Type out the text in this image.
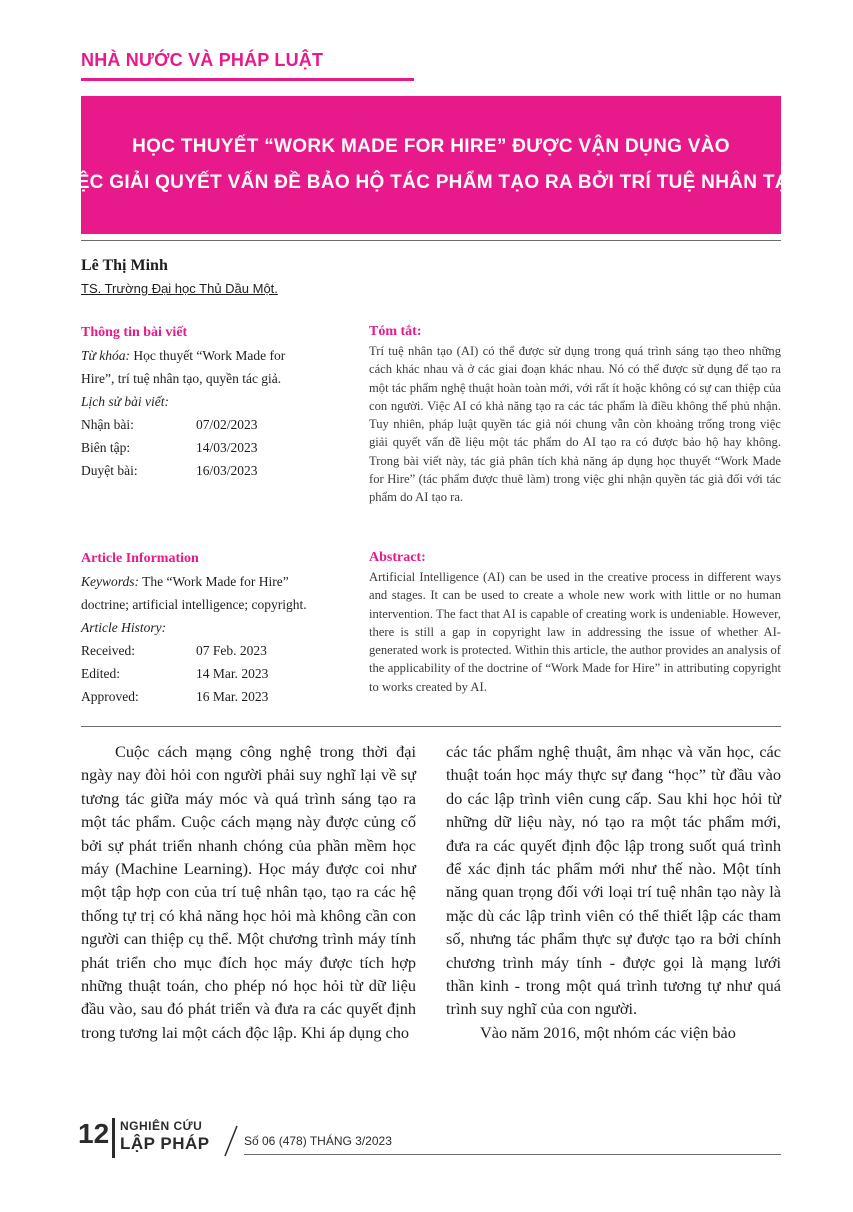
NHÀ NƯỚC VÀ PHÁP LUẬT
HỌC THUYẾT “WORK MADE FOR HIRE” ĐƯỢC VẬN DỤNG VÀO
VIỆC GIẢI QUYẾT VẤN ĐỀ BẢO HỘ TÁC PHẨM TẠO RA BỞI TRÍ TUỆ NHÂN TẠO
Lê Thị Minh
TS. Trường Đại học Thủ Dầu Một.
Thông tin bài viết
Từ khóa: Học thuyết “Work Made for
Hire”, trí tuệ nhân tạo, quyền tác giả.
Lịch sử bài viết:
Nhận bài:	07/02/2023
Biên tập:	14/03/2023
Duyệt bài:	16/03/2023
Tóm tắt:
Trí tuệ nhân tạo (AI) có thể được sử dụng trong quá trình sáng tạo theo những cách khác nhau và ở các giai đoạn khác nhau. Nó có thể được sử dụng để tạo ra một tác phẩm nghệ thuật hoàn toàn mới, với rất ít hoặc không có sự can thiệp của con người. Việc AI có khả năng tạo ra các tác phẩm là điều không thể phủ nhận. Tuy nhiên, pháp luật quyền tác giả nói chung vẫn còn khoảng trống trong việc giải quyết vấn đề liệu một tác phẩm do AI tạo ra có được bảo hộ hay không. Trong bài viết này, tác giả phân tích khả năng áp dụng học thuyết “Work Made for Hire” (tác phẩm được thuê làm) trong việc ghi nhận quyền tác giả đối với tác phẩm do AI tạo ra.
Article Information
Keywords: The “Work Made for Hire”
doctrine; artificial intelligence; copyright.
Article History:
Received:	07 Feb. 2023
Edited:	14 Mar. 2023
Approved:	16 Mar. 2023
Abstract:
Artificial Intelligence (AI) can be used in the creative process in different ways and stages. It can be used to create a whole new work with little or no human intervention. The fact that AI is capable of creating work is undeniable. However, there is still a gap in copyright law in addressing the issue of whether AI-generated work is protected. Within this article, the author provides an analysis of the applicability of the doctrine of “Work Made for Hire” in attributing copyright to works created by AI.

Cuộc cách mạng công nghệ trong thời đại ngày nay đòi hỏi con người phải suy nghĩ lại về sự tương tác giữa máy móc và quá trình sáng tạo ra một tác phẩm. Cuộc cách mạng này được củng cố bởi sự phát triển nhanh chóng của phần mềm học máy (Machine Learning). Học máy được coi như một tập hợp con của trí tuệ nhân tạo, tạo ra các hệ thống tự trị có khả năng học hỏi mà không cần con người can thiệp cụ thể. Một chương trình máy tính phát triển cho mục đích học máy được tích hợp những thuật toán, cho phép nó học hỏi từ dữ liệu đầu vào, sau đó phát triển và đưa ra các quyết định trong tương lai một cách độc lập. Khi áp dụng cho

các tác phẩm nghệ thuật, âm nhạc và văn học, các thuật toán học máy thực sự đang “học” từ đầu vào do các lập trình viên cung cấp. Sau khi học hỏi từ những dữ liệu này, nó tạo ra một tác phẩm mới, đưa ra các quyết định độc lập trong suốt quá trình để xác định tác phẩm mới như thế nào. Một tính năng quan trọng đối với loại trí tuệ nhân tạo này là mặc dù các lập trình viên có thể thiết lập các tham số, nhưng tác phẩm thực sự được tạo ra bởi chính chương trình máy tính - được gọi là mạng lưới thần kinh - trong một quá trình tương tự như quá trình suy nghĩ của con người.

Vào năm 2016, một nhóm các viện bảo

12 NGHIÊN CỨU
LẬP PHÁP	Số 06 (478) THÁNG 3/2023
